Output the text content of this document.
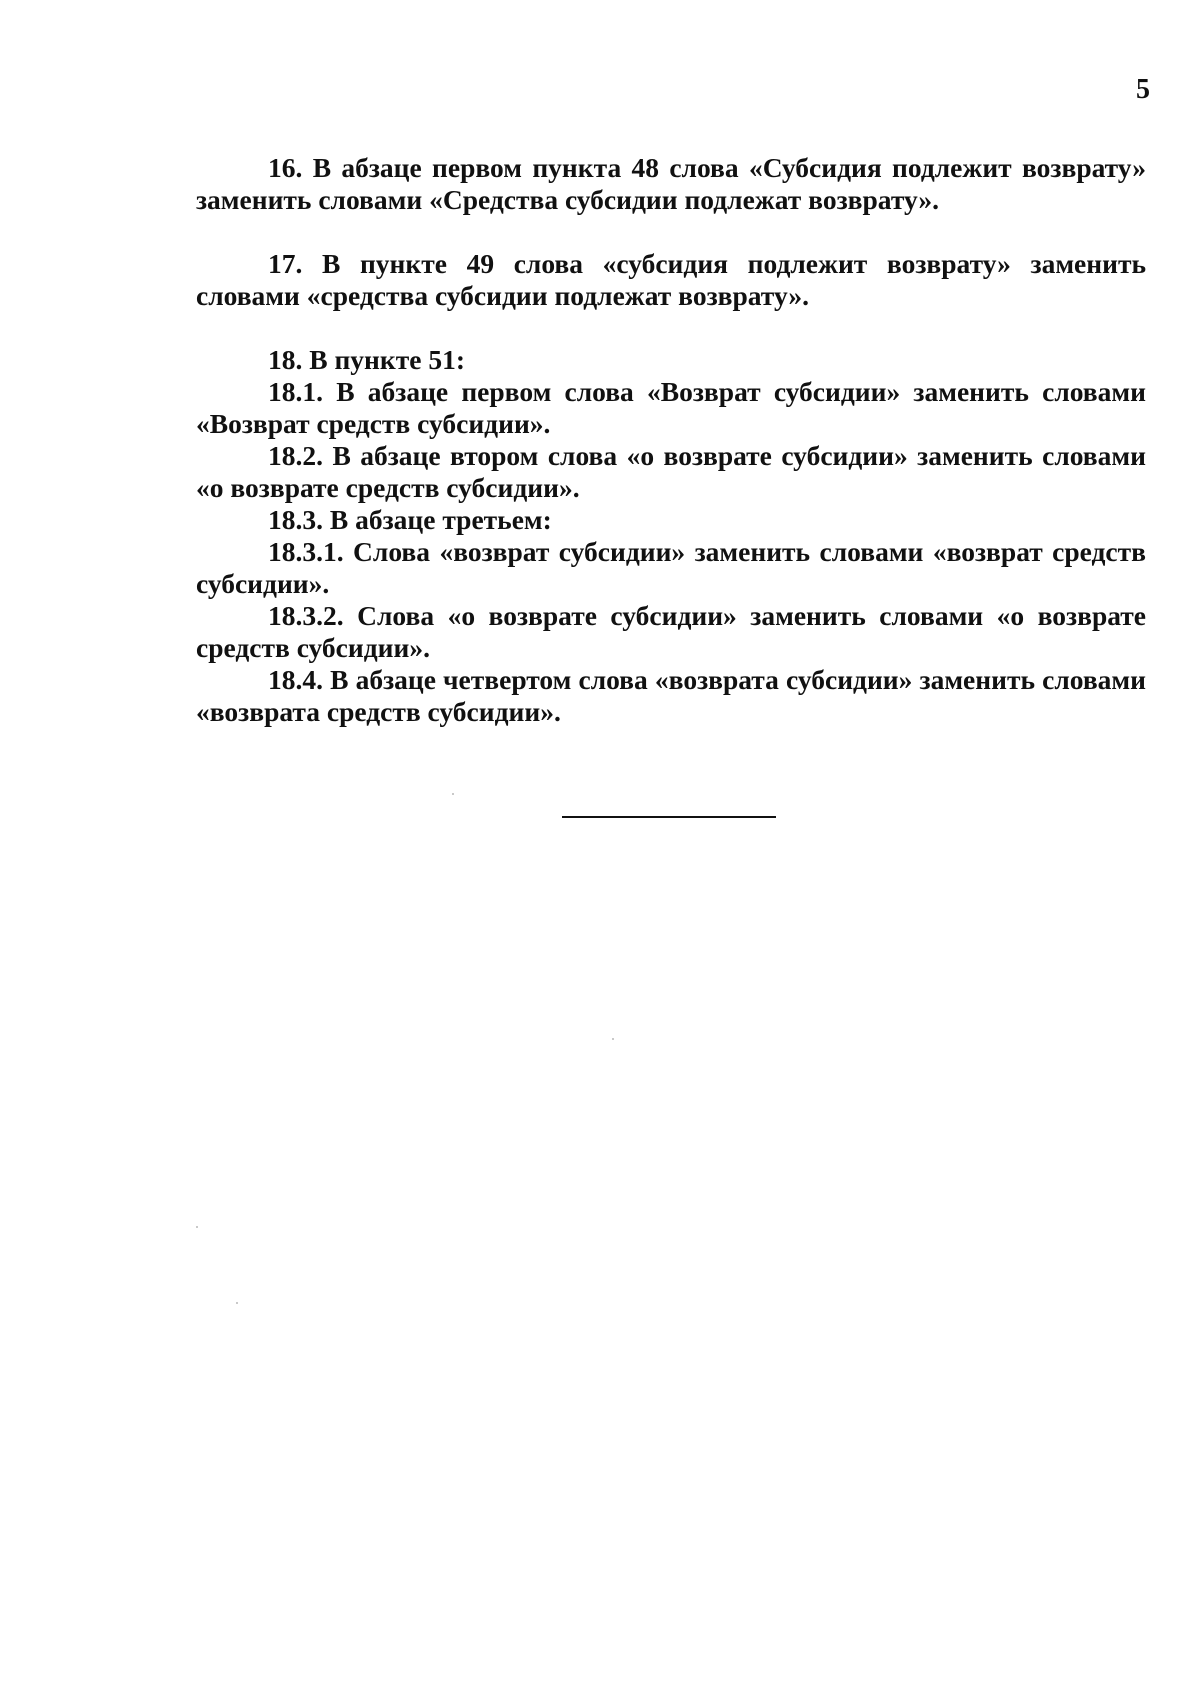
5

16. В абзаце первом пункта 48 слова «Субсидия подлежит возврату» заменить словами «Средства субсидии подлежат возврату».

17. В пункте 49 слова «субсидия подлежит возврату» заменить словами «средства субсидии подлежат возврату».

18. В пункте 51:

18.1. В абзаце первом слова «Возврат субсидии» заменить словами «Возврат средств субсидии».

18.2. В абзаце втором слова «о возврате субсидии» заменить словами «о возврате средств субсидии».

18.3. В абзаце третьем:

18.3.1. Слова «возврат субсидии» заменить словами «возврат средств субсидии».

18.3.2. Слова «о возврате субсидии» заменить словами «о возврате средств субсидии».

18.4. В абзаце четвертом слова «возврата субсидии» заменить словами «возврата средств субсидии».
